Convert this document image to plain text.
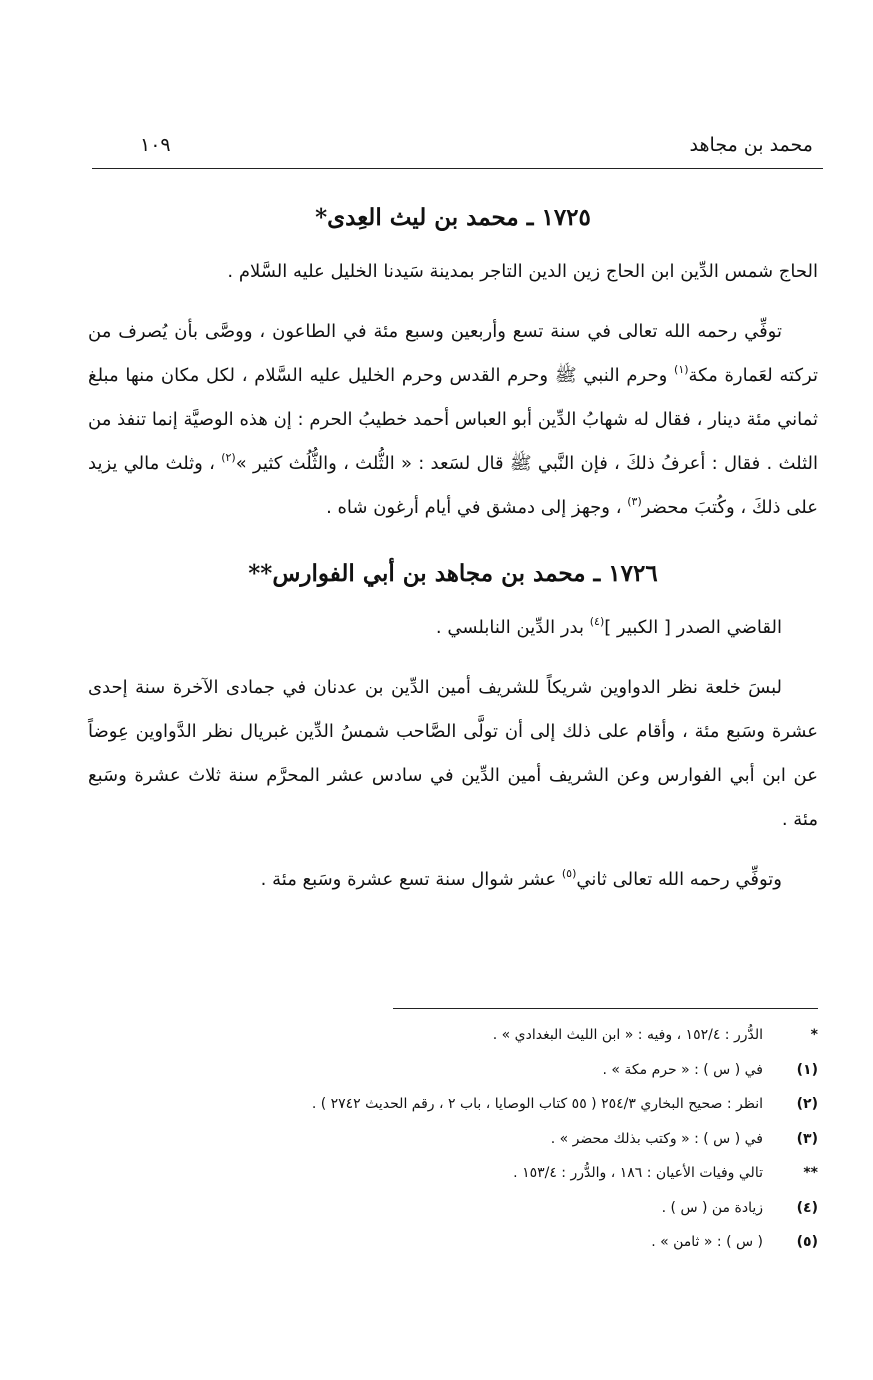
محمد بن مجاهد
١٠٩
١٧٢٥ ـ محمد بن ليث العِدى*

الحاج شمس الدِّين ابن الحاج زين الدين التاجر بمدينة سَيدنا الخليل عليه السَّلام .

توفِّي رحمه الله تعالى في سنة تسع وأربعين وسبع مئة في الطاعون ، ووصَّى بأن يُصرف من تركته لعَمارة مكة$^{(١)}$ وحرم النبي ﷺ وحرم القدس وحرم الخليل عليه السَّلام ، لكل مكان منها مبلغ ثماني مئة دينار ، فقال له شهابُ الدِّين أبو العباس أحمد خطيبُ الحرم : إن هذه الوصيَّة إنما تنفذ من الثلث . فقال : أعرفُ ذلكَ ، فإن النَّبي ﷺ قال لسَعد : « الثُّلث ، والثُّلُث كثير »$^{(٢)}$ ، وثلث مالي يزيد على ذلكَ ، وكُتبَ محضر$^{(٣)}$ ، وجهز إلى دمشق في أيام أرغون شاه .

١٧٢٦ ـ محمد بن مجاهد بن أبي الفوارس**

القاضي الصدر [ الكبير ]$^{(٤)}$ بدر الدِّين النابلسي .

لبسَ خلعة نظر الدواوين شريكاً للشريف أمين الدِّين بن عدنان في جمادى الآخرة سنة إحدى عشرة وسَبع مئة ، وأقام على ذلك إلى أن تولَّى الصَّاحب شمسُ الدِّين غبريال نظر الدَّواوين عِوضاً عن ابن أبي الفوارس وعن الشريف أمين الدِّين في سادس عشر المحرَّم سنة ثلاث عشرة وسَبع مئة .

وتوفِّي رحمه الله تعالى ثاني$^{(٥)}$ عشر شوال سنة تسع عشرة وسَبع مئة .

*
الدُّرر : ١٥٢/٤ ، وفيه : « ابن الليث البغدادي » .
(١)
في ( س ) : « حرم مكة » .
(٢)
انظر : صحيح البخاري ٢٥٤/٣ ( ٥٥ كتاب الوصايا ، باب ٢ ، رقم الحديث ٢٧٤٢ ) .
(٣)
في ( س ) : « وكتب بذلك محضر » .
**
تالي وفيات الأعيان : ١٨٦ ، والدُّرر : ١٥٣/٤ .
(٤)
زيادة من ( س ) .
(٥)
( س ) : « ثامن » .
